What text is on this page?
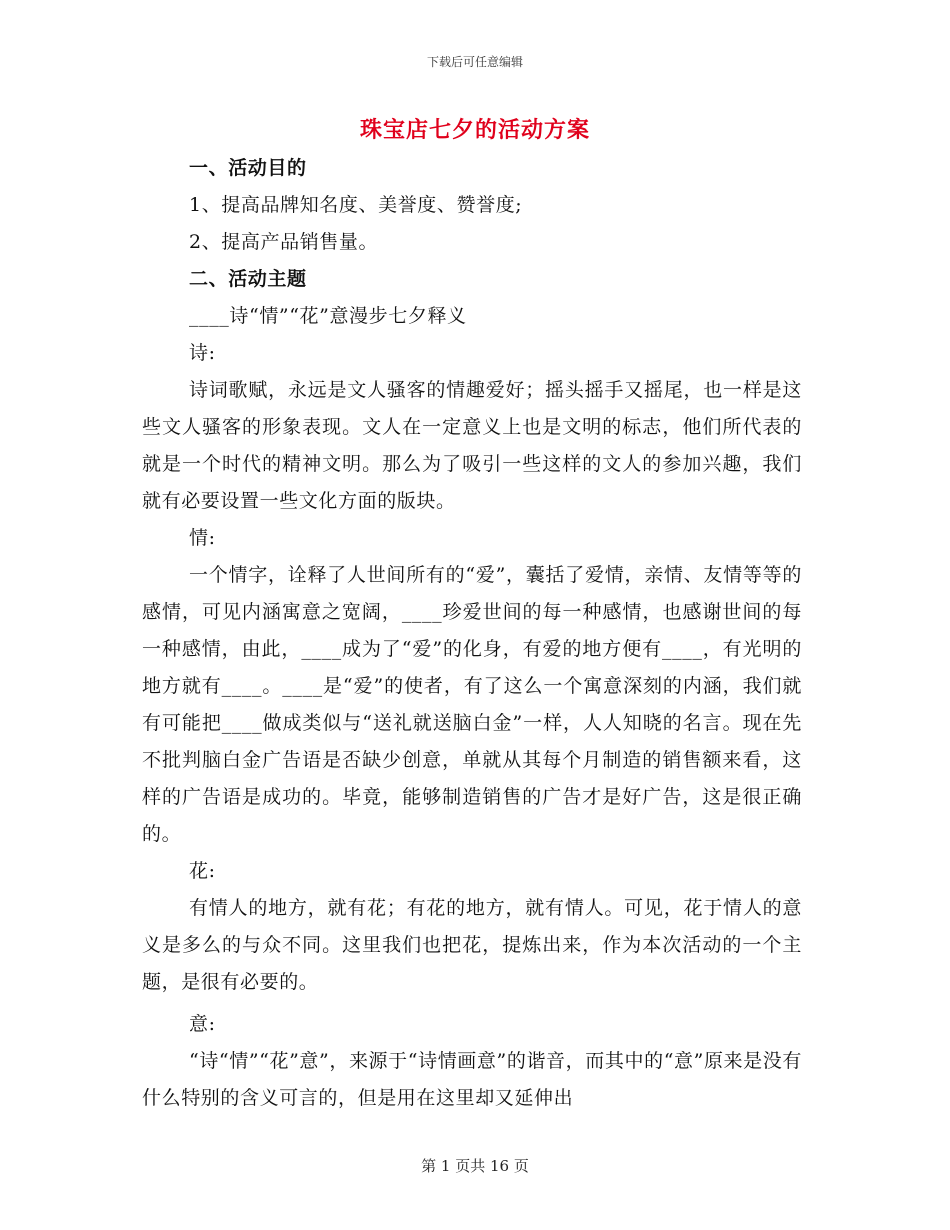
下载后可任意编辑
珠宝店七夕的活动方案

一、活动目的

1、提高品牌知名度、美誉度、赞誉度;

2、提高产品销售量。

二、活动主题

____诗“情”“花”意漫步七夕释义

诗:

诗词歌赋，永远是文人骚客的情趣爱好；摇头摇手又摇尾，也一样是这些文人骚客的形象表现。文人在一定意义上也是文明的标志，他们所代表的就是一个时代的精神文明。那么为了吸引一些这样的文人的参加兴趣，我们就有必要设置一些文化方面的版块。

情:

一个情字，诠释了人世间所有的“爱”，囊括了爱情，亲情、友情等等的感情，可见内涵寓意之宽阔，____珍爱世间的每一种感情，也感谢世间的每一种感情，由此，____成为了“爱”的化身，有爱的地方便有____，有光明的地方就有____。____是“爱”的使者，有了这么一个寓意深刻的内涵，我们就有可能把____做成类似与“送礼就送脑白金”一样，人人知晓的名言。现在先不批判脑白金广告语是否缺少创意，单就从其每个月制造的销售额来看，这样的广告语是成功的。毕竟，能够制造销售的广告才是好广告，这是很正确的。

花:

有情人的地方，就有花；有花的地方，就有情人。可见，花于情人的意义是多么的与众不同。这里我们也把花，提炼出来，作为本次活动的一个主题，是很有必要的。

意:

“诗“情”“花”意”，来源于“诗情画意”的谐音，而其中的“意”原来是没有什么特别的含义可言的，但是用在这里却又延伸出

第 1 页共 16 页
